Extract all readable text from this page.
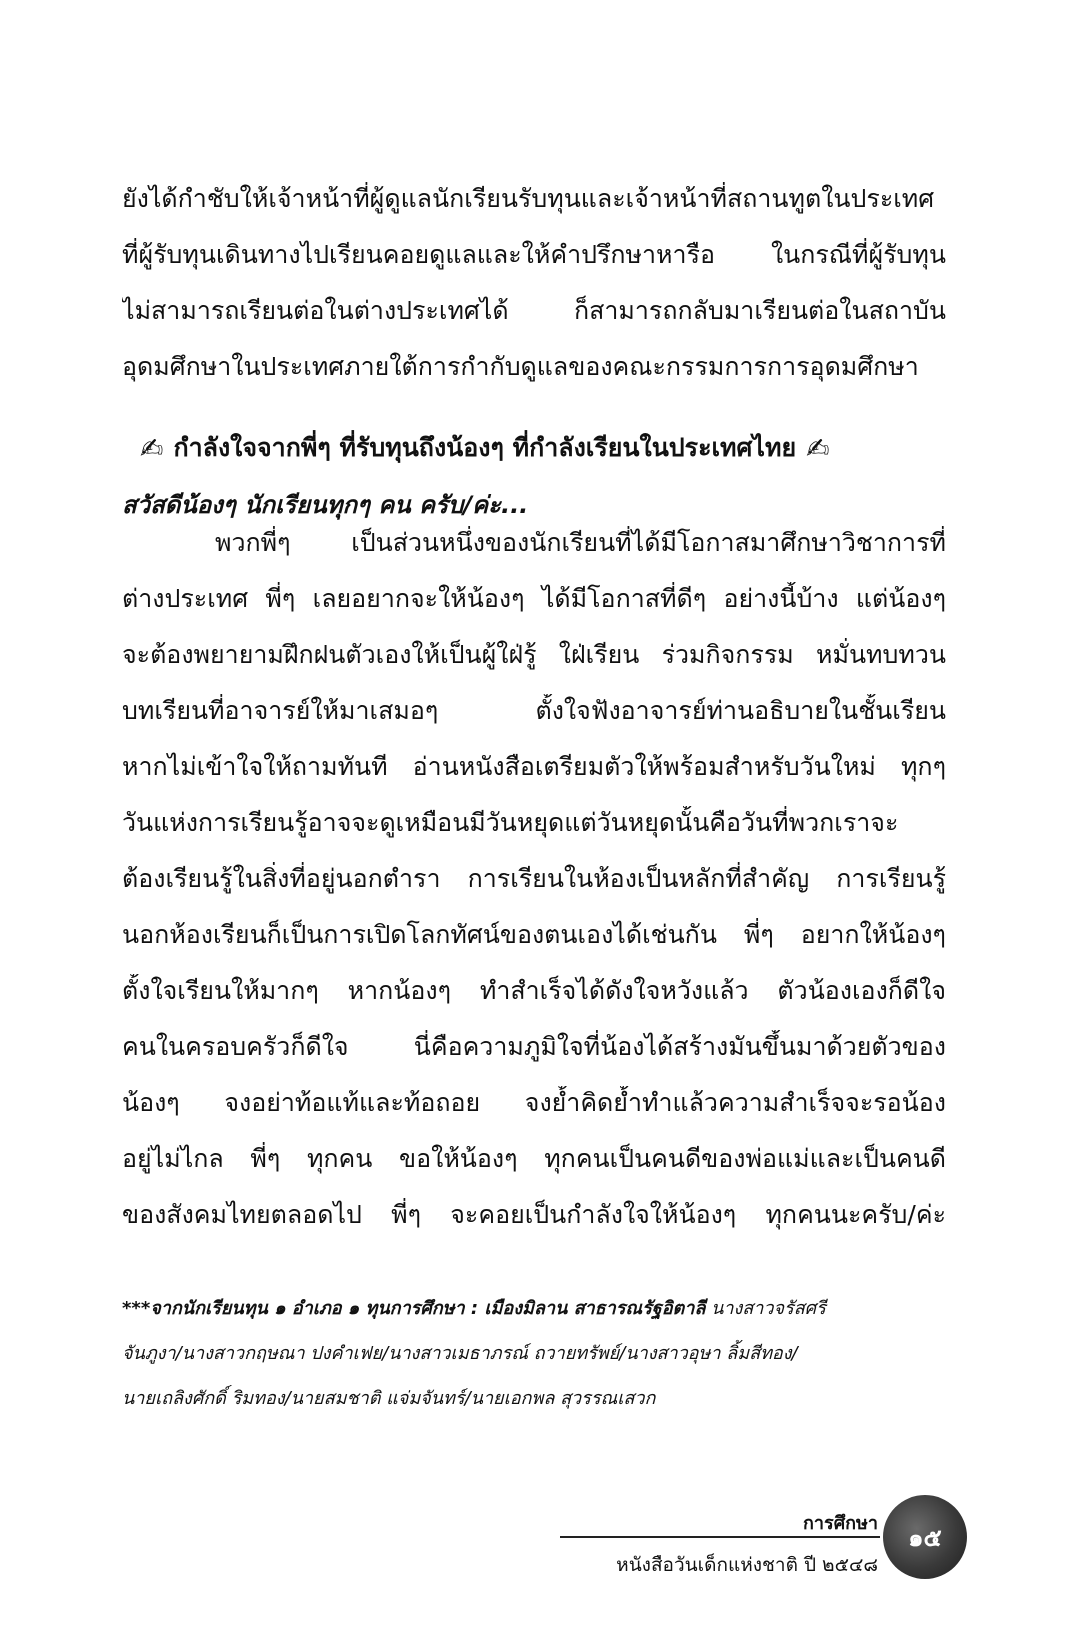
ยังได้กำชับให้เจ้าหน้าที่ผู้ดูแลนักเรียนรับทุนและเจ้าหน้าที่สถานทูตในประเทศ
ที่ผู้รับทุนเดินทางไปเรียนคอยดูแลและให้คำปรึกษาหารือ ในกรณีที่ผู้รับทุน
ไม่สามารถเรียนต่อในต่างประเทศได้ ก็สามารถกลับมาเรียนต่อในสถาบัน
อุดมศึกษาในประเทศภายใต้การกำกับดูแลของคณะกรรมการการอุดมศึกษา
✍ กำลังใจจากพี่ๆ ที่รับทุนถึงน้องๆ ที่กำลังเรียนในประเทศไทย ✍
สวัสดีน้องๆ นักเรียนทุกๆ คน ครับ/ค่ะ...
พวกพี่ๆ เป็นส่วนหนึ่งของนักเรียนที่ได้มีโอกาสมาศึกษาวิชาการที่
ต่างประเทศ พี่ๆ เลยอยากจะให้น้องๆ ได้มีโอกาสที่ดีๆ อย่างนี้บ้าง แต่น้องๆ
จะต้องพยายามฝึกฝนตัวเองให้เป็นผู้ใฝ่รู้ ใฝ่เรียน ร่วมกิจกรรม หมั่นทบทวน
บทเรียนที่อาจารย์ให้มาเสมอๆ ตั้งใจฟังอาจารย์ท่านอธิบายในชั้นเรียน
หากไม่เข้าใจให้ถามทันที อ่านหนังสือเตรียมตัวให้พร้อมสำหรับวันใหม่ ทุกๆ
วันแห่งการเรียนรู้อาจจะดูเหมือนมีวันหยุดแต่วันหยุดนั้นคือวันที่พวกเราจะ
ต้องเรียนรู้ในสิ่งที่อยู่นอกตำรา การเรียนในห้องเป็นหลักที่สำคัญ การเรียนรู้
นอกห้องเรียนก็เป็นการเปิดโลกทัศน์ของตนเองได้เช่นกัน พี่ๆ อยากให้น้องๆ
ตั้งใจเรียนให้มากๆ หากน้องๆ ทำสำเร็จได้ดังใจหวังแล้ว ตัวน้องเองก็ดีใจ
คนในครอบครัวก็ดีใจ นี่คือความภูมิใจที่น้องได้สร้างมันขึ้นมาด้วยตัวของ
น้องๆ จงอย่าท้อแท้และท้อถอย จงย้ำคิดย้ำทำแล้วความสำเร็จจะรอน้อง
อยู่ไม่ไกล พี่ๆ ทุกคน ขอให้น้องๆ ทุกคนเป็นคนดีของพ่อแม่และเป็นคนดี
ของสังคมไทยตลอดไป พี่ๆ จะคอยเป็นกำลังใจให้น้องๆ ทุกคนนะครับ/ค่ะ
***จากนักเรียนทุน ๑ อำเภอ ๑ ทุนการศึกษา : เมืองมิลาน สาธารณรัฐอิตาลี นางสาวจรัสศรี
จันภูงา/นางสาวกฤษณา ปงคำเฟย/นางสาวเมธาภรณ์ ถวายทรัพย์/นางสาวอุษา ลิ้มสีทอง/
นายเถลิงศักดิ์ ริมทอง/นายสมชาติ แจ่มจันทร์/นายเอกพล สุวรรณเสวก
การศึกษา
หนังสือวันเด็กแห่งชาติ ปี ๒๕๔๘
๑๕
